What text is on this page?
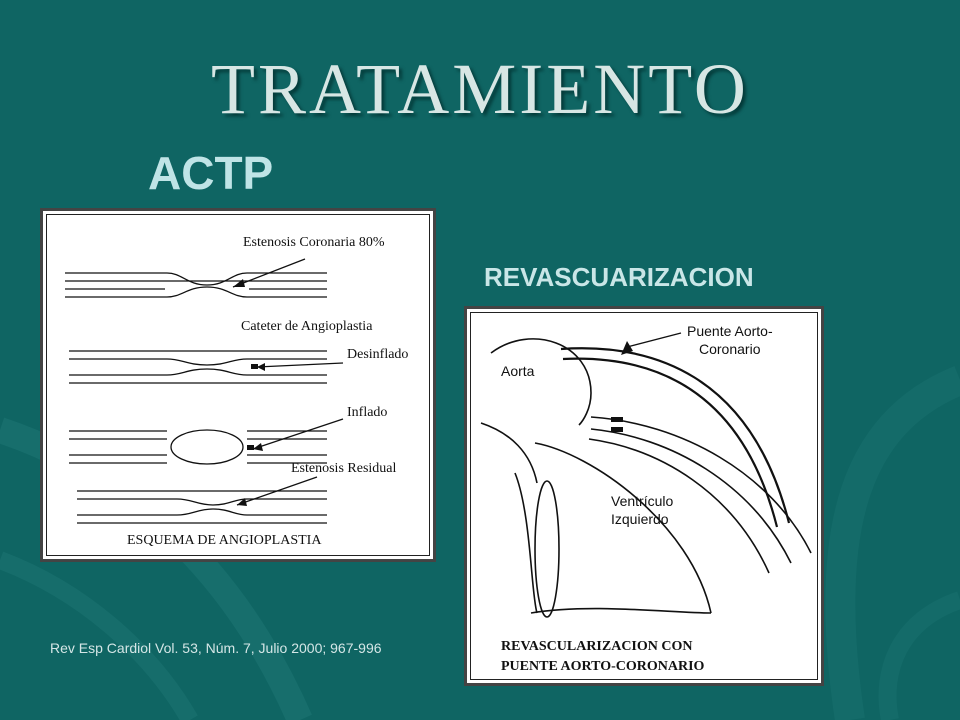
TRATAMIENTO
ACTP
REVASCUARIZACION
Estenosis Coronaria 80%
Cateter de Angioplastia
Desinflado
Inflado
Estenosis Residual
ESQUEMA DE ANGIOPLASTIA
Puente Aorto-
Coronario
Aorta
Ventrículo
Izquierdo
REVASCULARIZACION CON
PUENTE AORTO-CORONARIO
Rev Esp Cardiol Vol. 53, Núm. 7, Julio 2000; 967-996
